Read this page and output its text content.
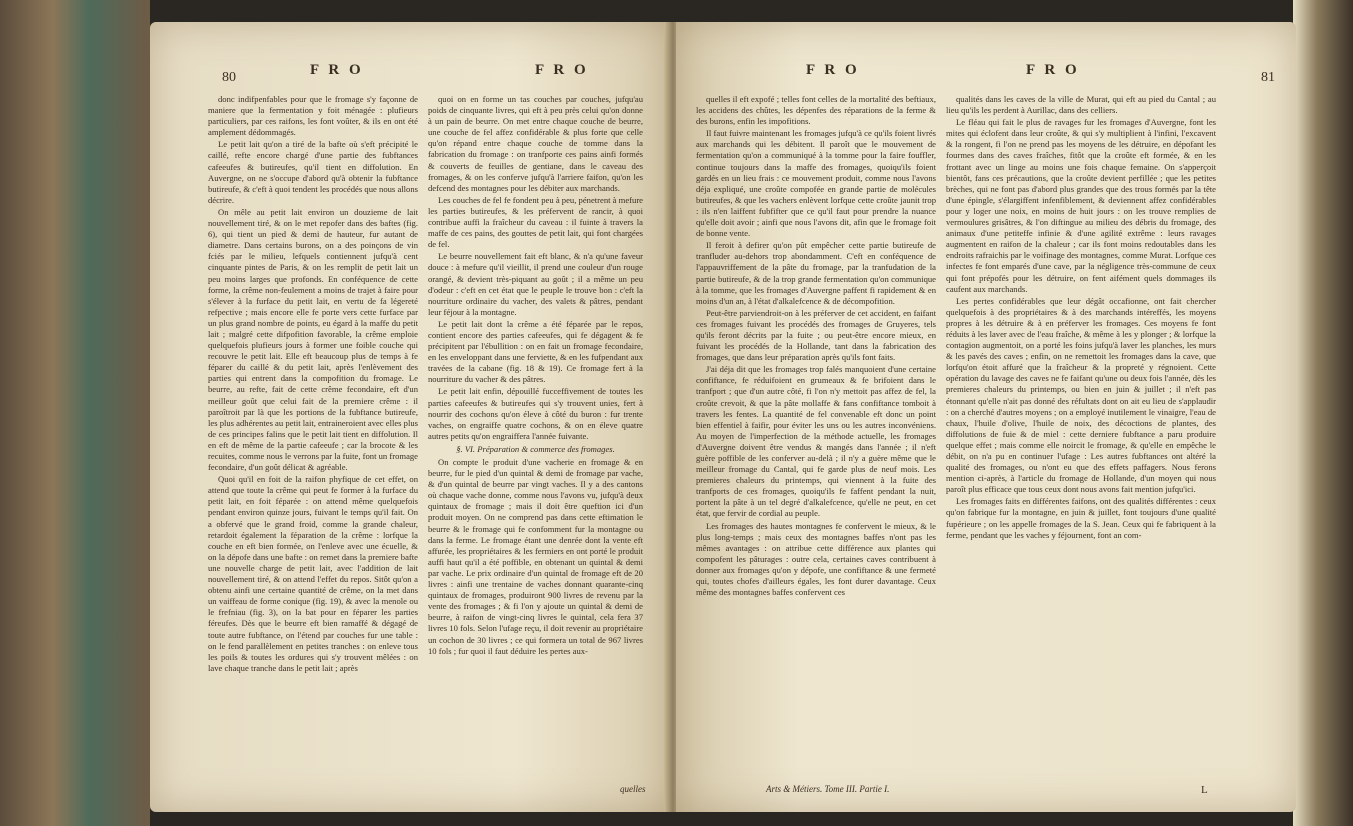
80	F R O	F R O

donc indifpenfables pour que le fromage s'y façonne de maniere que la fermentation y foit ménagée : plufieurs particuliers, par ces raifons, les font voûter, & ils en ont été amplement dédommagés.

Le petit lait qu'on a tiré de la bafte où s'eft précipité le caillé, refte encore chargé d'une partie des fubftances cafeeufes & butireufes, qu'il tient en diffolution. En Auvergne, on ne s'occupe d'abord qu'à obtenir la fubftance butireufe, & c'eft à quoi tendent les procédés que nous allons décrire.

On mêle au petit lait environ un douzieme de lait nouvellement tiré, & on le met repofer dans des baftes (fig. 6), qui tient un pied & demi de hauteur, fur autant de diametre. Dans certains burons, on a des poinçons de vin fciés par le milieu, lefquels contiennent jufqu'à cent cinquante pintes de Paris, & on les remplit de petit lait un peu moins larges que profonds. En conféquence de cette forme, la crême non-feulement a moins de trajet à faire pour s'élever à la furface du petit lait, en vertu de fa légereté refpective ; mais encore elle fe porte vers cette furface par un plus grand nombre de points, eu égard à la maffe du petit lait ; malgré cette difpofition favorable, la crême emploie quelquefois plufieurs jours à former une foible couche qui recouvre le petit lait. Elle eft beaucoup plus de temps à fe féparer du caillé & du petit lait, après l'enlèvement des parties qui entrent dans la compofition du fromage. Le beurre, au refte, fait de cette crême fecondaire, eft d'un meilleur goût que celui fait de la premiere crême : il paroîtroit par là que les portions de la fubftance butireufe, les plus adhérentes au petit lait, entraineroient avec elles plus de ces principes falins que le petit lait tient en diffolution. Il en eft de même de la partie cafeeufe ; car la brocote & les recuites, comme nous le verrons par la fuite, font un fromage fecondaire, d'un goût délicat & agréable.

Quoi qu'il en foit de la raifon phyfique de cet effet, on attend que toute la crême qui peut fe former à la furface du petit lait, en foit féparée : on attend même quelquefois pendant environ quinze jours, fuivant le temps qu'il fait. On a obfervé que le grand froid, comme la grande chaleur, retardoit également la féparation de la crême : lorfque la couche en eft bien formée, on l'enleve avec une écuelle, & on la dépofe dans une bafte : on remet dans la premiere bafte une nouvelle charge de petit lait, avec l'addition de lait nouvellement tiré, & on attend l'effet du repos. Sitôt qu'on a obtenu ainfi une certaine quantité de crême, on la met dans un vaiffeau de forme conique (fig. 19), & avec la menole ou le frefniau (fig. 3), on la bat pour en féparer les parties féreufes. Dès que le beurre eft bien ramaffé & dégagé de toute autre fubftance, on l'étend par couches fur une table : on le fend parallèlement en petites tranches : on enleve tous les poils & toutes les ordures qui s'y trouvent mêlées : on lave chaque tranche dans le petit lait ; après

quoi on en forme un tas couches par couches, jufqu'au poids de cinquante livres, qui eft à peu près celui qu'on donne à un pain de beurre. On met entre chaque couche de beurre, une couche de fel affez confidérable & plus forte que celle qu'on répand entre chaque couche de tomme dans la fabrication du fromage : on tranfporte ces pains ainfi formés & couverts de feuilles de gentiane, dans le caveau des fromages, & on les conferve jufqu'à l'arriere faifon, qu'on les defcend des montagnes pour les débiter aux marchands.

Les couches de fel fe fondent peu à peu, pénetrent à mefure les parties butireufes, & les préfervent de rancir, à quoi contribue auffi la fraîcheur du caveau : il fuinte à travers la maffe de ces pains, des gouttes de petit lait, qui font chargées de fel.

Le beurre nouvellement fait eft blanc, & n'a qu'une faveur douce : à mefure qu'il vieillit, il prend une couleur d'un rouge orangé, & devient très-piquant au goût ; il a même un peu d'odeur : c'eft en cet état que le peuple le trouve bon : c'eft la nourriture ordinaire du vacher, des valets & pâtres, pendant leur féjour à la montagne.

Le petit lait dont la crême a été féparée par le repos, contient encore des parties cafeeufes, qui fe dégagent & fe précipitent par l'ébullition : on en fait un fromage fecondaire, en les enveloppant dans une ferviette, & en les fufpendant aux travées de la cabane (fig. 18 & 19). Ce fromage fert à la nourriture du vacher & des pâtres.

Le petit lait enfin, dépouillé fucceffivement de toutes les parties cafeeufes & butireufes qui s'y trouvent unies, fert à nourrir des cochons qu'on éleve à côté du buron : fur trente vaches, on engraiffe quatre cochons, & on en éleve quatre autres petits qu'on engraiffera l'année fuivante.

§. VI. Préparation & commerce des fromages.

On compte le produit d'une vacherie en fromage & en beurre, fur le pied d'un quintal & demi de fromage par vache, & d'un quintal de beurre par vingt vaches. Il y a des cantons où chaque vache donne, comme nous l'avons vu, jufqu'à deux quintaux de fromage ; mais il doit être queftion ici d'un produit moyen. On ne comprend pas dans cette eftimation le beurre & le fromage qui fe confomment fur la montagne ou dans la ferme. Le fromage étant une denrée dont la vente eft affurée, les propriétaires & les fermiers en ont porté le produit auffi haut qu'il a été poffible, en obtenant un quintal & demi par vache. Le prix ordinaire d'un quintal de fromage eft de 20 livres : ainfi une trentaine de vaches donnant quarante-cinq quintaux de fromages, produiront 900 livres de revenu par la vente des fromages ; & fi l'on y ajoute un quintal & demi de beurre, à raifon de vingt-cinq livres le quintal, cela fera 37 livres 10 fols. Selon l'ufage reçu, il doit revenir au propriétaire un cochon de 30 livres ; ce qui formera un total de 967 livres 10 fols ; fur quoi il faut déduire les pertes aux-

quelles
F R O	F R O	81

quelles il eft expofé ; telles font celles de la mortalité des beftiaux, les accidens des chûtes, les dépenfes des réparations de la ferme & des burons, enfin les impofitions.

Il faut fuivre maintenant les fromages jufqu'à ce qu'ils foient livrés aux marchands qui les débitent. Il paroît que le mouvement de fermentation qu'on a communiqué à la tomme pour la faire fouffler, continue toujours dans la maffe des fromages, quoiqu'ils foient gardés en un lieu frais : ce mouvement produit, comme nous l'avons déja expliqué, une croûte compofée en grande partie de molécules butireufes, & que les vachers enlèvent lorfque cette croûte jaunit trop : ils n'en laiffent fubfifter que ce qu'il faut pour prendre la nuance qu'elle doit avoir ; ainfi que nous l'avons dit, afin que le fromage foit de bonne vente.

Il feroit à defirer qu'on pût empêcher cette partie butireufe de tranfluder au-dehors trop abondamment. C'eft en conféquence de l'appauvriffement de la pâte du fromage, par la tranfudation de la partie butireufe, & de la trop grande fermentation qu'on communique à la tomme, que les fromages d'Auvergne paffent fi rapidement & en moins d'un an, à l'état d'alkalefcence & de décompofition.

Peut-être parviendroit-on à les préferver de cet accident, en faifant ces fromages fuivant les procédés des fromages de Gruyeres, tels qu'ils feront décrits par la fuite ; ou peut-être encore mieux, en fuivant les procédés de la Hollande, tant dans la fabrication des fromages, que dans leur préparation après qu'ils font faits.

J'ai déja dit que les fromages trop falés manquoient d'une certaine confiftance, fe réduifoient en grumeaux & fe brifoient dans le tranfport ; que d'un autre côté, fi l'on n'y mettoit pas affez de fel, la croûte crevoit, & que la pâte mollaffe & fans confiftance tomboit à travers les fentes. La quantité de fel convenable eft donc un point bien effentiel à faifir, pour éviter les uns ou les autres inconvéniens. Au moyen de l'imperfection de la méthode actuelle, les fromages d'Auvergne doivent être vendus & mangés dans l'année ; il n'eft guère poffible de les conferver au-delà ; il n'y a guère même que le meilleur fromage du Cantal, qui fe garde plus de neuf mois. Les premieres chaleurs du printemps, qui viennent à la fuite des tranfports de ces fromages, quoiqu'ils fe faffent pendant la nuit, portent la pâte à un tel degré d'alkalefcence, qu'elle ne peut, en cet état, que fervir de cordial au peuple.

Les fromages des hautes montagnes fe confervent le mieux, & le plus long-temps ; mais ceux des montagnes baffes n'ont pas les mêmes avantages : on attribue cette différence aux plantes qui compofent les pâturages : outre cela, certaines caves contribuent à donner aux fromages qu'on y dépofe, une confiftance & une fermeté qui, toutes chofes d'ailleurs égales, les font durer davantage. Ceux même des montagnes baffes confervent ces

qualités dans les caves de la ville de Murat, qui eft au pied du Cantal ; au lieu qu'ils les perdent à Aurillac, dans des celliers.

Le fléau qui fait le plus de ravages fur les fromages d'Auvergne, font les mites qui éclofent dans leur croûte, & qui s'y multiplient à l'infini, l'excavent & la rongent, fi l'on ne prend pas les moyens de les détruire, en dépofant les fourmes dans des caves fraîches, fitôt que la croûte eft formée, & en les frottant avec un linge au moins une fois chaque femaine. On s'apperçoit bientôt, fans ces précautions, que la croûte devient perfillée ; que les petites brèches, qui ne font pas d'abord plus grandes que des trous formés par la tête d'une épingle, s'élargiffent infenfiblement, & deviennent affez confidérables pour y loger une noix, en moins de huit jours : on les trouve remplies de vermoulures grisâtres, & l'on diftingue au milieu des débris du fromage, des animaux d'une petiteffe infinie & d'une agilité extrême : leurs ravages augmentent en raifon de la chaleur ; car ils font moins redoutables dans les endroits rafraichis par le voifinage des montagnes, comme Murat. Lorfque ces infectes fe font emparés d'une cave, par la négligence très-commune de ceux qui font prépofés pour les détruire, on fent aifément quels dommages ils caufent aux marchands.

Les pertes confidérables que leur dégât occafionne, ont fait chercher quelquefois à des propriétaires & à des marchands intéreffés, les moyens propres à les détruire & à en préferver les fromages. Ces moyens fe font réduits à les laver avec de l'eau fraîche, & même à les y plonger ; & lorfque la contagion augmentoit, on a porté les foins jufqu'à laver les planches, les murs & les pavés des caves ; enfin, on ne remettoit les fromages dans la cave, que lorfqu'on étoit affuré que la fraîcheur & la propreté y régnoient. Cette opération du lavage des caves ne fe faifant qu'une ou deux fois l'année, dès les premieres chaleurs du printemps, ou bien en juin & juillet ; il n'eft pas étonnant qu'elle n'ait pas donné des réfultats dont on ait eu lieu de s'applaudir : on a cherché d'autres moyens ; on a employé inutilement le vinaigre, l'eau de chaux, l'huile d'olive, l'huile de noix, des décoctions de plantes, des diffolutions de fuie & de miel : cette derniere fubftance a paru produire quelque effet ; mais comme elle noircit le fromage, & qu'elle en empêche le débit, on n'a pu en continuer l'ufage : Les autres fubftances ont altéré la qualité des fromages, ou n'ont eu que des effets paffagers. Nous ferons mention ci-après, à l'article du fromage de Hollande, d'un moyen qui nous paroît plus efficace que tous ceux dont nous avons fait mention jufqu'ici.

Les fromages faits en différentes faifons, ont des qualités différentes : ceux qu'on fabrique fur la montagne, en juin & juillet, font toujours d'une qualité fupérieure ; on les appelle fromages de la S. Jean. Ceux qui fe fabriquent à la ferme, pendant que les vaches y féjournent, font an com-

Arts & Métiers. Tome III. Partie I.	L
